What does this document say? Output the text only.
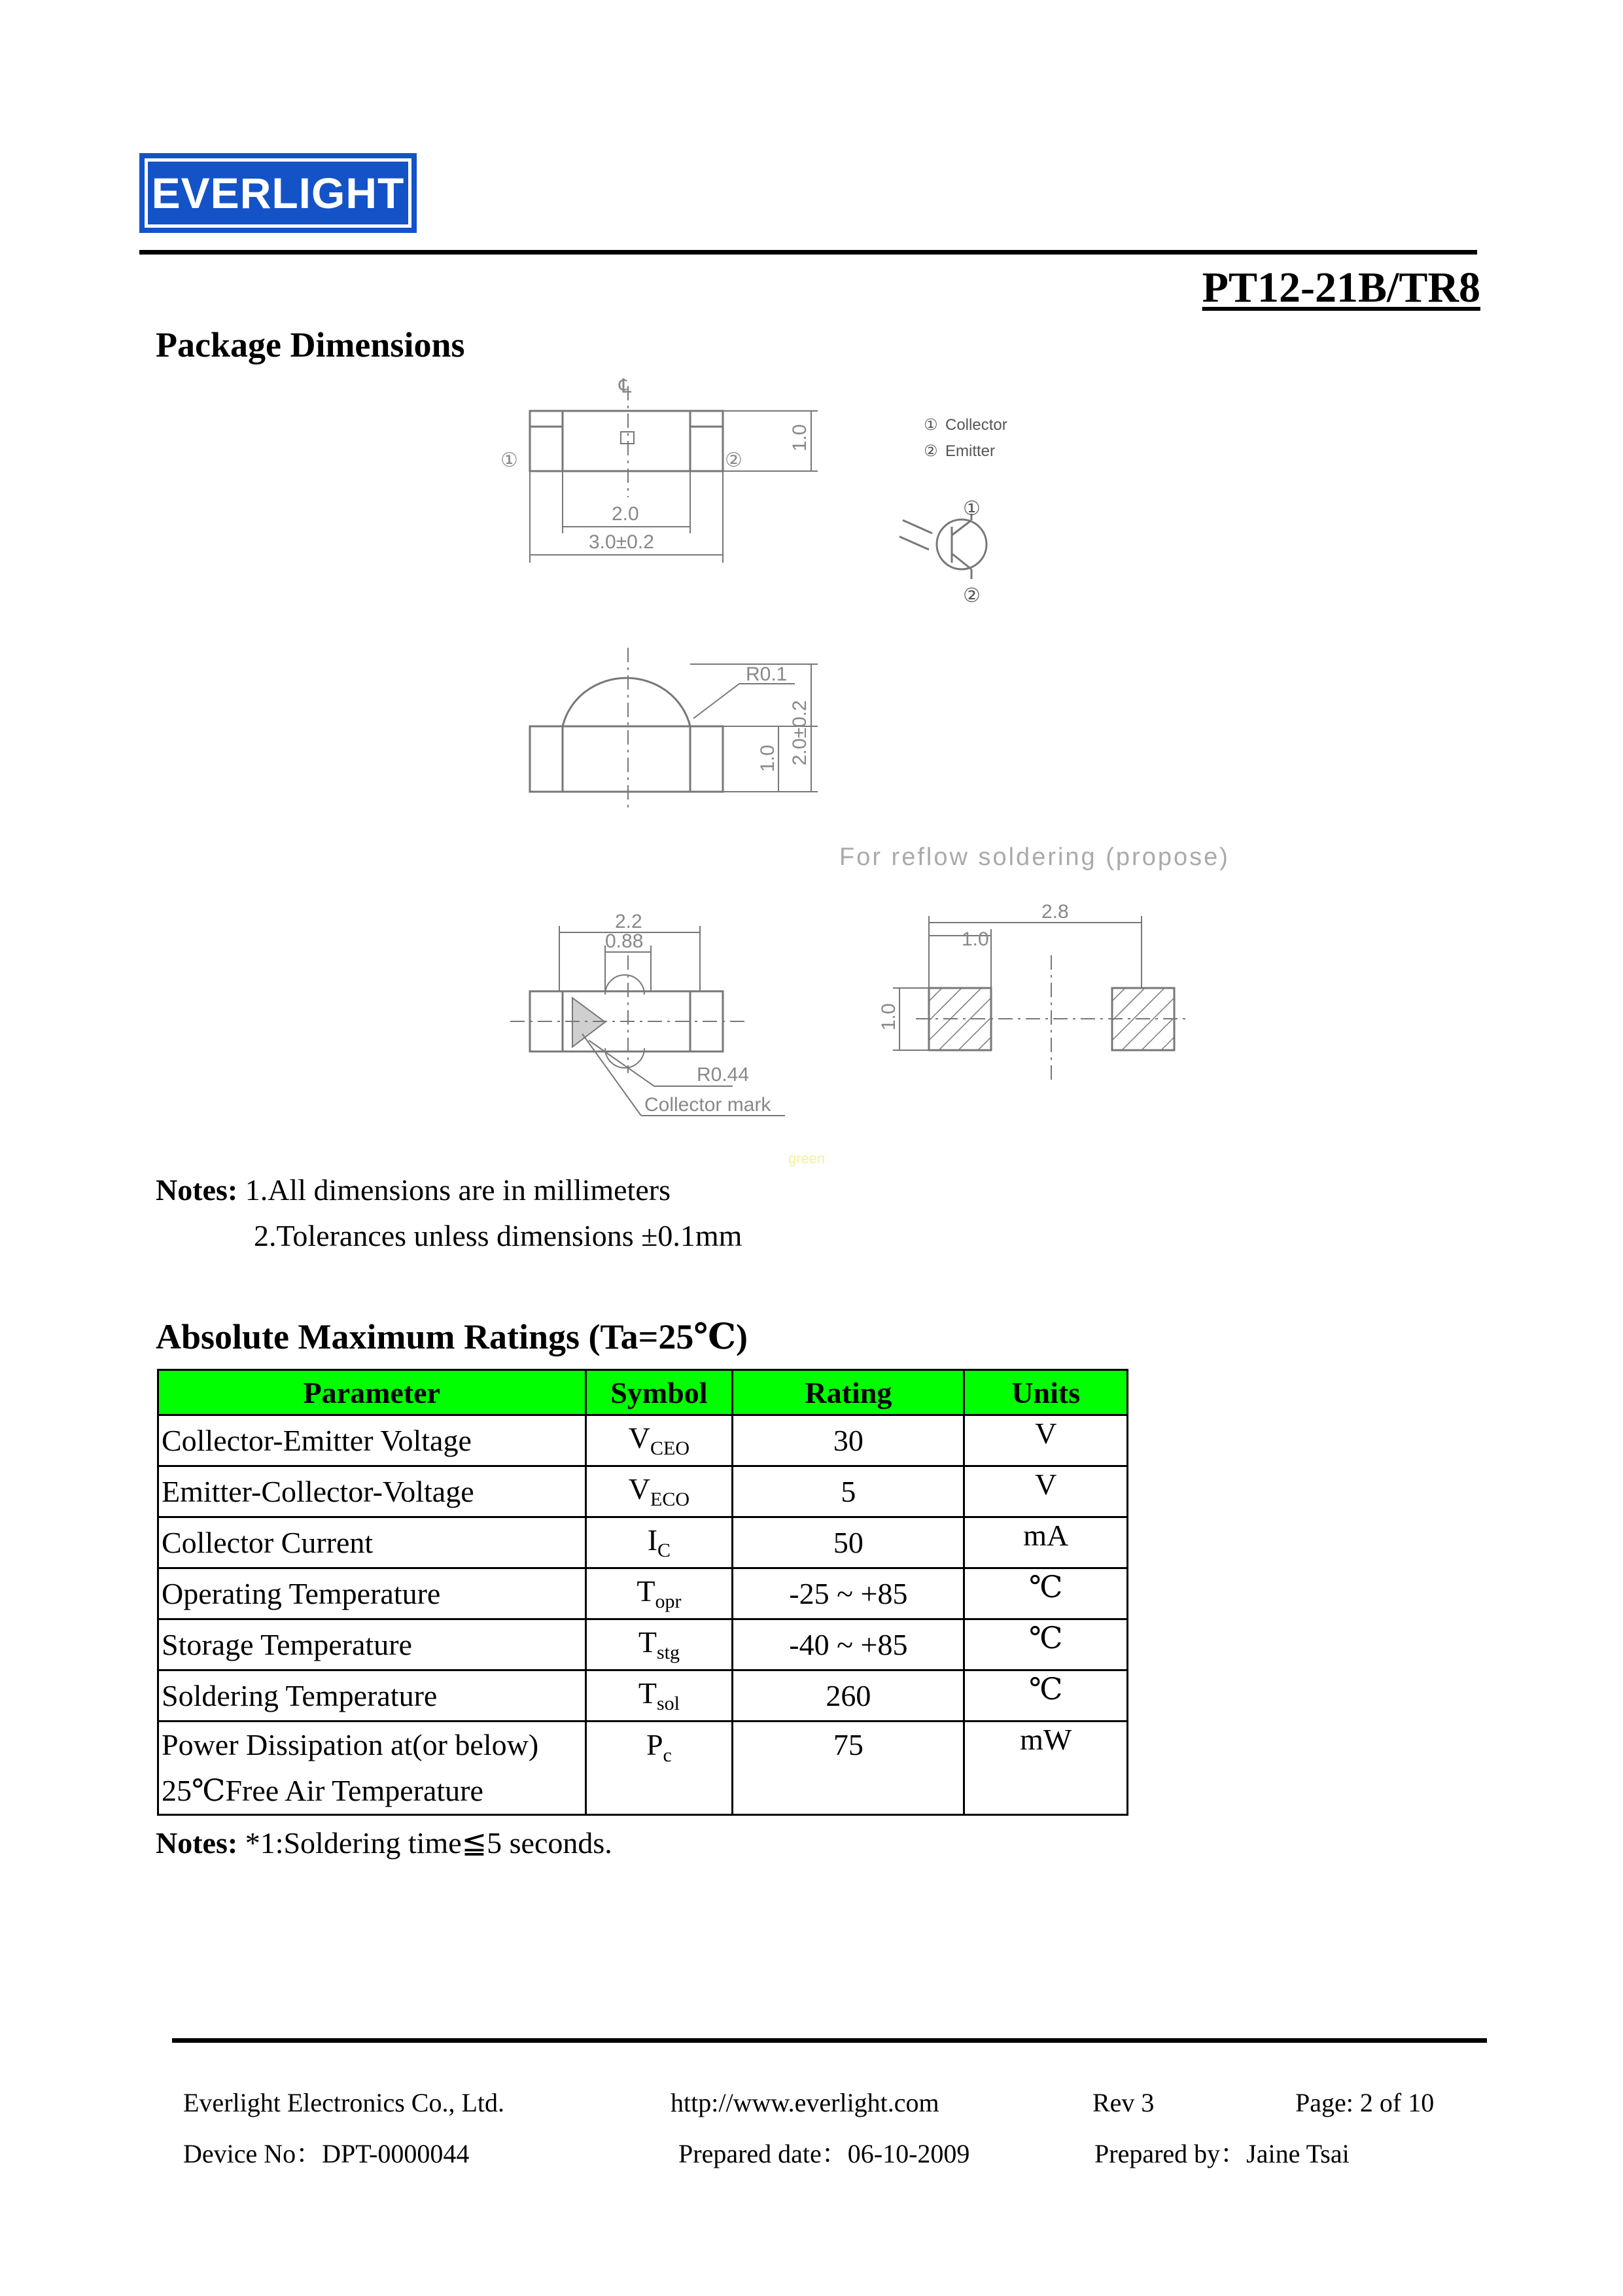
EVERLIGHT
PT12-21B/TR8
Package Dimensions
℄
①	②
1.0
2.0
3.0±0.2
R0.1
1.0 2.0±0.2
For reflow soldering (propose)
2.2
0.88
R0.44
Collector mark
2.8
1.0
1.0
green
① Collector
② Emitter
①
②
Notes: 1.All dimensions are in millimeters
2.Tolerances unless dimensions ±0.1mm
Absolute Maximum Ratings (Ta=25℃)
Parameter	Symbol	Rating	Units
Collector-Emitter Voltage	$V_{CEO}$	30	V
Emitter-Collector-Voltage	$V_{ECO}$	5	V
Collector Current	$I_C$	50	mA
Operating Temperature	$T_{opr}$	-25 ~ +85	℃
Storage Temperature	$T_{stg}$	-40 ~ +85	℃
Soldering Temperature	$T_{sol}$	260	℃

Power Dissipation at(or below)
25℃Free Air Temperature	$P_c$	75	mW
Notes: *1:Soldering time≦5 seconds.
Everlight Electronics Co., Ltd.	http://www.everlight.com	Rev 3	Page: 2 of 10
Device No：DPT-0000044	Prepared date：06-10-2009	Prepared by：Jaine Tsai
